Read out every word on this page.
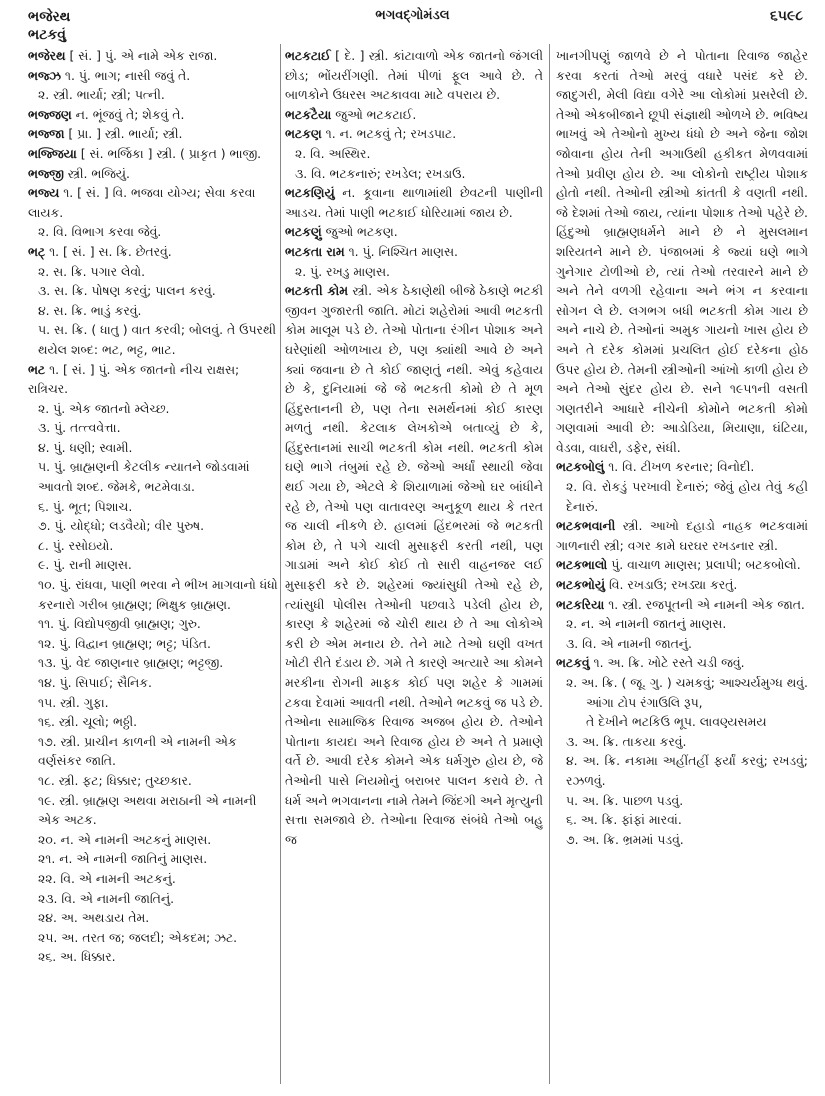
ભજેરથ
ભટકવું
ભગવદ્ગોમંડલ	૬૫૯૮
ભજેરથ [ સં. ] પું. એ નામે એક રાજા.
ભજ્ઝ ૧. પું. ભાગ; નાસી જવું તે.
૨. સ્ત્રી. ભાર્યા; સ્ત્રી; પત્ની.
ભજ્જણ ન. ભૂંજવું તે; શેકવું તે.
ભજ્જા [ પ્રા. ] સ્ત્રી. ભાર્યા; સ્ત્રી.
ભજ્જિયા [ સં. ભર્જિકા ] સ્ત્રી. ( પ્રાકૃત ) ભાજી.
ભજ્જી સ્ત્રી. ભજિયું.
ભજ્ય ૧. [ સં. ] વિ. ભજવા યોગ્ય; સેવા કરવા લાયક.
૨. વિ. વિભાગ કરવા જેવું.
ભટ્ ૧. [ સં. ] સ. ક્રિ. છેતરવું.
૨. સ. ક્રિ. પગાર લેવો.
૩. સ. ક્રિ. પોષણ કરવું; પાલન કરવું.
૪. સ. ક્રિ. ભાડું કરવું.
૫. સ. ક્રિ. ( ધાતુ ) વાત કરવી; બોલવું. તે ઉપરથી થયેલ શબ્દ: ભટ, ભટ્ટ, ભાટ.
ભટ ૧. [ સં. ] પું. એક જાતનો નીચ રાક્ષસ; રાત્રિચર.
૨. પું. એક જાતનો મ્લેચ્છ.
૩. પું. તત્ત્વવેત્તા.
૪. પું. ધણી; સ્વામી.
૫. પું. બ્રાહ્મણની કેટલીક ન્યાતને જોડવામાં આવતો શબ્દ. જેમકે, ભટમેવાડા.
૬. પું. ભૂત; પિશાચ.
૭. પું. યોદ્ધો; લડવૈયો; વીર પુરુષ.
૮. પું. રસોઇયો.
૯. પું. રાની માણસ.
૧૦. પું. રાંધવા, પાણી ભરવા ને ભીખ માગવાનો ધંધો કરનારો ગરીબ બ્રાહ્મણ; ભિક્ષુક બ્રાહ્મણ.
૧૧. પું. વિદ્યોપજીવી બ્રાહ્મણ; ગુરુ.
૧૨. પું. વિદ્વાન બ્રાહ્મણ; ભટ્ટ; પંડિત.
૧૩. પું. વેદ જાણનાર બ્રાહ્મણ; ભટ્ટજી.
૧૪. પું. સિપાઈ; સૈનિક.
૧૫. સ્ત્રી. ગુફા.
૧૬. સ્ત્રી. ચૂલો; ભઠ્ઠી.
૧૭. સ્ત્રી. પ્રાચીન કાળની એ નામની એક વર્ણસંકર જાતિ.
૧૮. સ્ત્રી. ફટ; ધિક્કાર; તુચ્છકાર.
૧૯. સ્ત્રી. બ્રાહ્મણ અથવા મરાઠાની એ નામની એક અટક.
૨૦. ન. એ નામની અટકનું માણસ.
૨૧. ન. એ નામની જાતિનું માણસ.
૨૨. વિ. એ નામની અટકનું.
૨૩. વિ. એ નામની જાતિનું.
૨૪. અ. અથડાય તેમ.
૨૫. અ. તરત જ; જલદી; એકદમ; ઝટ.
૨૬. અ. ધિક્કાર.
ભટકટાઈ [ દે. ] સ્ત્રી. કાંટાવાળો એક જાતનો જંગલી છોડ; ભોંયરીંગણી. તેમાં પીળાં ફૂલ આવે છે. તે બાળકોને ઉધરસ અટકાવવા માટે વપરાય છે.
ભટકટૈયા જુઓ ભટકટાઈ.
ભટકણ ૧. ન. ભટકવું તે; રખડપાટ.
૨. વિ. અસ્થિર.
૩. વિ. ભટકનારું; રખડેલ; રખડાઉ.
ભટકણિયું ન. કૂવાના થાળામાંથી છેવટની પાણીની આડચ. તેમાં પાણી ભટકાઈ ધોરિયામાં જાય છે.
ભટકણું જુઓ ભટકણ.
ભટકતા રામ ૧. પું. નિશ્ચિત માણસ.
૨. પું. રખડુ માણસ.
ભટકતી કોમ સ્ત્રી. એક ઠેકાણેથી બીજે ઠેકાણે ભટકી જીવન ગુજારતી જાતિ. મોટાં શહેરોમાં આવી ભટકતી કોમ માલૂમ પડે છે. તેઓ પોતાના રંગીન પોશાક અને ઘરેણાંથી ઓળખાય છે, પણ ક્યાંથી આવે છે અને ક્યાં જવાના છે તે કોઈ જાણતું નથી. એવું કહેવાય છે કે, દુનિયામાં જે જે ભટકતી કોમો છે તે મૂળ હિંદુસ્તાનની છે, પણ તેના સમર્થનમાં કોઈ કારણ મળતું નથી. કેટલાક લેખકોએ બતાવ્યું છે કે, હિંદુસ્તાનમાં સાચી ભટકતી કોમ નથી. ભટકતી કોમ ઘણે ભાગે તંબુમાં રહે છે. જેઓ અર્ધાં સ્થાયી જેવા થઈ ગયા છે, એટલે કે શિયાળામાં જેઓ ઘર બાંધીને રહે છે, તેઓ પણ વાતાવરણ અનુકૂળ થાય કે તરત જ ચાલી નીકળે છે. હાલમાં હિંદભરમાં જે ભટકતી કોમ છે, તે પગે ચાલી મુસાફરી કરતી નથી, પણ ગાડામાં અને કોઈ કોઈ તો સારી વાહનજર લઈ મુસાફરી કરે છે. શહેરમાં જ્યાંસુધી તેઓ રહે છે, ત્યાંસુધી પોલીસ તેઓની પછવાડે પડેલી હોય છે, કારણ કે શહેરમાં જે ચોરી થાય છે તે આ લોકોએ કરી છે એમ મનાય છે. તેને માટે તેઓ ઘણી વખત ખોટી રીતે દંડાય છે. ગમે તે કારણે અત્યારે આ કોમને મરકીના રોગની માફક કોઈ પણ શહેર કે ગામમાં ટકવા દેવામાં આવતી નથી. તેઓને ભટકવું જ પડે છે. તેઓના સામાજિક રિવાજ અજબ હોય છે. તેઓને પોતાના કાયદા અને રિવાજ હોય છે અને તે પ્રમાણે વર્તે છે. આવી દરેક કોમને એક ધર્મગુરુ હોય છે, જે તેઓની પાસે નિયમોનું બરાબર પાલન કરાવે છે. તે ધર્મ અને ભગવાનના નામે તેમને જિંદગી અને મૃત્યુની સત્તા સમજાવે છે. તેઓના રિવાજ સંબંધે તેઓ બહુ જ
ખાનગીપણું જાળવે છે ને પોતાના રિવાજ જાહેર કરવા કરતાં તેઓ મરવું વધારે પસંદ કરે છે. જાદુગરી, મેલી વિદ્યા વગેરે આ લોકોમાં પ્રસરેલી છે. તેઓ એકબીજાને છૂપી સંજ્ઞાથી ઓળખે છે. ભવિષ્ય ભાખવું એ તેઓનો મુખ્ય ધંધો છે અને જેના જોશ જોવાના હોય તેની અગાઉથી હકીકત મેળવવામાં તેઓ પ્રવીણ હોય છે. આ લોકોનો રાષ્ટ્રીય પોશાક હોતો નથી. તેઓની સ્ત્રીઓ કાંતતી કે વણતી નથી. જે દેશમાં તેઓ જાય, ત્યાંના પોશાક તેઓ પહેરે છે. હિંદુઓ બ્રાહ્મણધર્મને માને છે ને મુસલમાન શરિયતને માને છે. પંજાબમાં કે જ્યાં ઘણે ભાગે ગુનેગાર ટોળીઓ છે, ત્યાં તેઓ તરવારને માને છે અને તેને વળગી રહેવાના અને ભંગ ન કરવાના સોગન લે છે. લગભગ બધી ભટકતી કોમ ગાય છે અને નાચે છે. તેઓનાં અમુક ગાયનો ખાસ હોય છે અને તે દરેક કોમમાં પ્રચલિત હોઈ દરેકના હોઠ ઉપર હોય છે. તેમની સ્ત્રીઓની આંખો કાળી હોય છે અને તેઓ સુંદર હોય છે. સને ૧૯૫૧ની વસતી ગણતરીને આધારે નીચેની કોમોને ભટકતી કોમો ગણવામાં આવી છે: આડોડિયા, મિયાણા, ઘંટિયા, વેડવા, વાઘરી, ડફેર, સંધી.
ભટકબોલું ૧. વિ. ટીખળ કરનાર; વિનોદી.
૨. વિ. રોકડું પરખાવી દેનારું; જેવું હોય તેવું કહી દેનારું.
ભટકભવાની સ્ત્રી. આખો દહાડો નાહક ભટકવામાં ગાળનારી સ્ત્રી; વગર કામે ઘરઘર રખડનાર સ્ત્રી.
ભટકભાલો પું. વાચાળ માણસ; પ્રલાપી; બટકબોલો.
ભટકભોયું વિ. રખડાઉ; રખડ્યા કરતું.
ભટકરિયા ૧. સ્ત્રી. રજપૂતની એ નામની એક જાત.
૨. ન. એ નામની જાતનું માણસ.
૩. વિ. એ નામની જાતનું.
ભટકવું ૧. અ. ક્રિ. ખોટે રસ્તે ચડી જવું.
૨. અ. ક્રિ. ( જૂ. ગુ. ) ચમકવું; આશ્ચર્યમુગ્ધ થવું.
આંગા ટોપ રંગાઉલિ રૂપ,
તે દેખીને ભટકિઉ ભૂપ. લાવણ્યસમય
૩. અ. ક્રિ. તાકયા કરવું.
૪. અ. ક્રિ. નકામા અહીંતહીં ફર્યાં કરવું; રખડવું; રઝળવું.
૫. અ. ક્રિ. પાછળ પડવું.
૬. અ. ક્રિ. ફાંફાં મારવાં.
૭. અ. ક્રિ. ભ્રમમાં પડવું.
